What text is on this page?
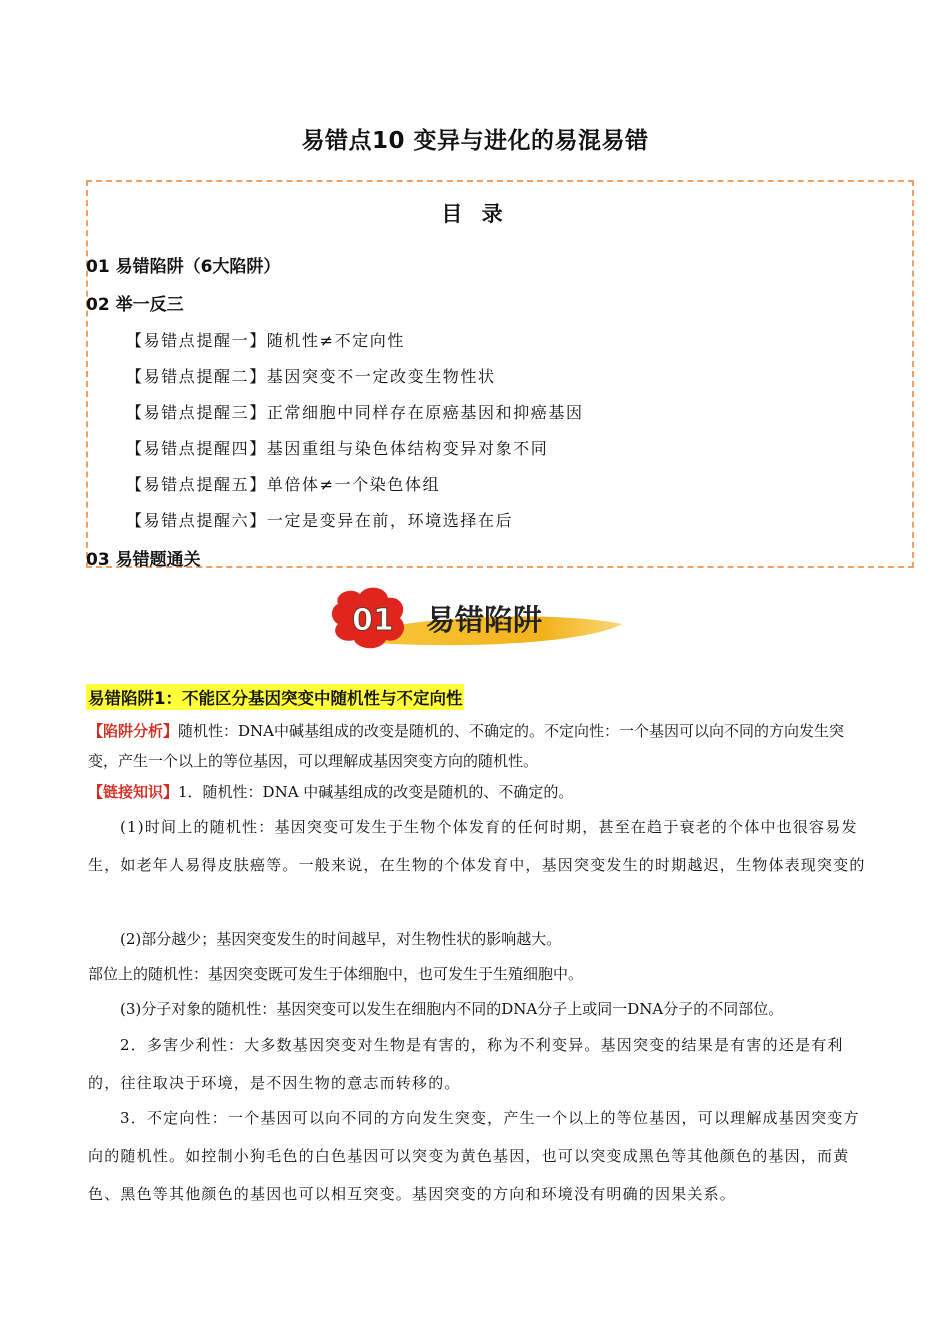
易错点10 变异与进化的易混易错
目 录
01 易错陷阱（6大陷阱）
02 举一反三
【易错点提醒一】随机性≠不定向性
【易错点提醒二】基因突变不一定改变生物性状
【易错点提醒三】正常细胞中同样存在原癌基因和抑癌基因
【易错点提醒四】基因重组与染色体结构变异对象不同
【易错点提醒五】单倍体≠一个染色体组
【易错点提醒六】一定是变异在前，环境选择在后
03 易错题通关
01 易错陷阱
易错陷阱1：不能区分基因突变中随机性与不定向性
【陷阱分析】随机性：DNA中碱基组成的改变是随机的、不确定的。不定向性：一个基因可以向不同的方向发生突变，产生一个以上的等位基因，可以理解成基因突变方向的随机性。
【链接知识】1．随机性：DNA 中碱基组成的改变是随机的、不确定的。
(1)时间上的随机性：基因突变可发生于生物个体发育的任何时期，甚至在趋于衰老的个体中也很容易发生，如老年人易得皮肤癌等。一般来说，在生物的个体发育中，基因突变发生的时期越迟，生物体表现突变的
(2)部分越少；基因突变发生的时间越早，对生物性状的影响越大。
部位上的随机性：基因突变既可发生于体细胞中，也可发生于生殖细胞中。
(3)分子对象的随机性：基因突变可以发生在细胞内不同的DNA分子上或同一DNA分子的不同部位。
2．多害少利性：大多数基因突变对生物是有害的，称为不利变异。基因突变的结果是有害的还是有利的，往往取决于环境，是不因生物的意志而转移的。
3．不定向性：一个基因可以向不同的方向发生突变，产生一个以上的等位基因，可以理解成基因突变方向的随机性。如控制小狗毛色的白色基因可以突变为黄色基因，也可以突变成黑色等其他颜色的基因，而黄色、黑色等其他颜色的基因也可以相互突变。基因突变的方向和环境没有明确的因果关系。
